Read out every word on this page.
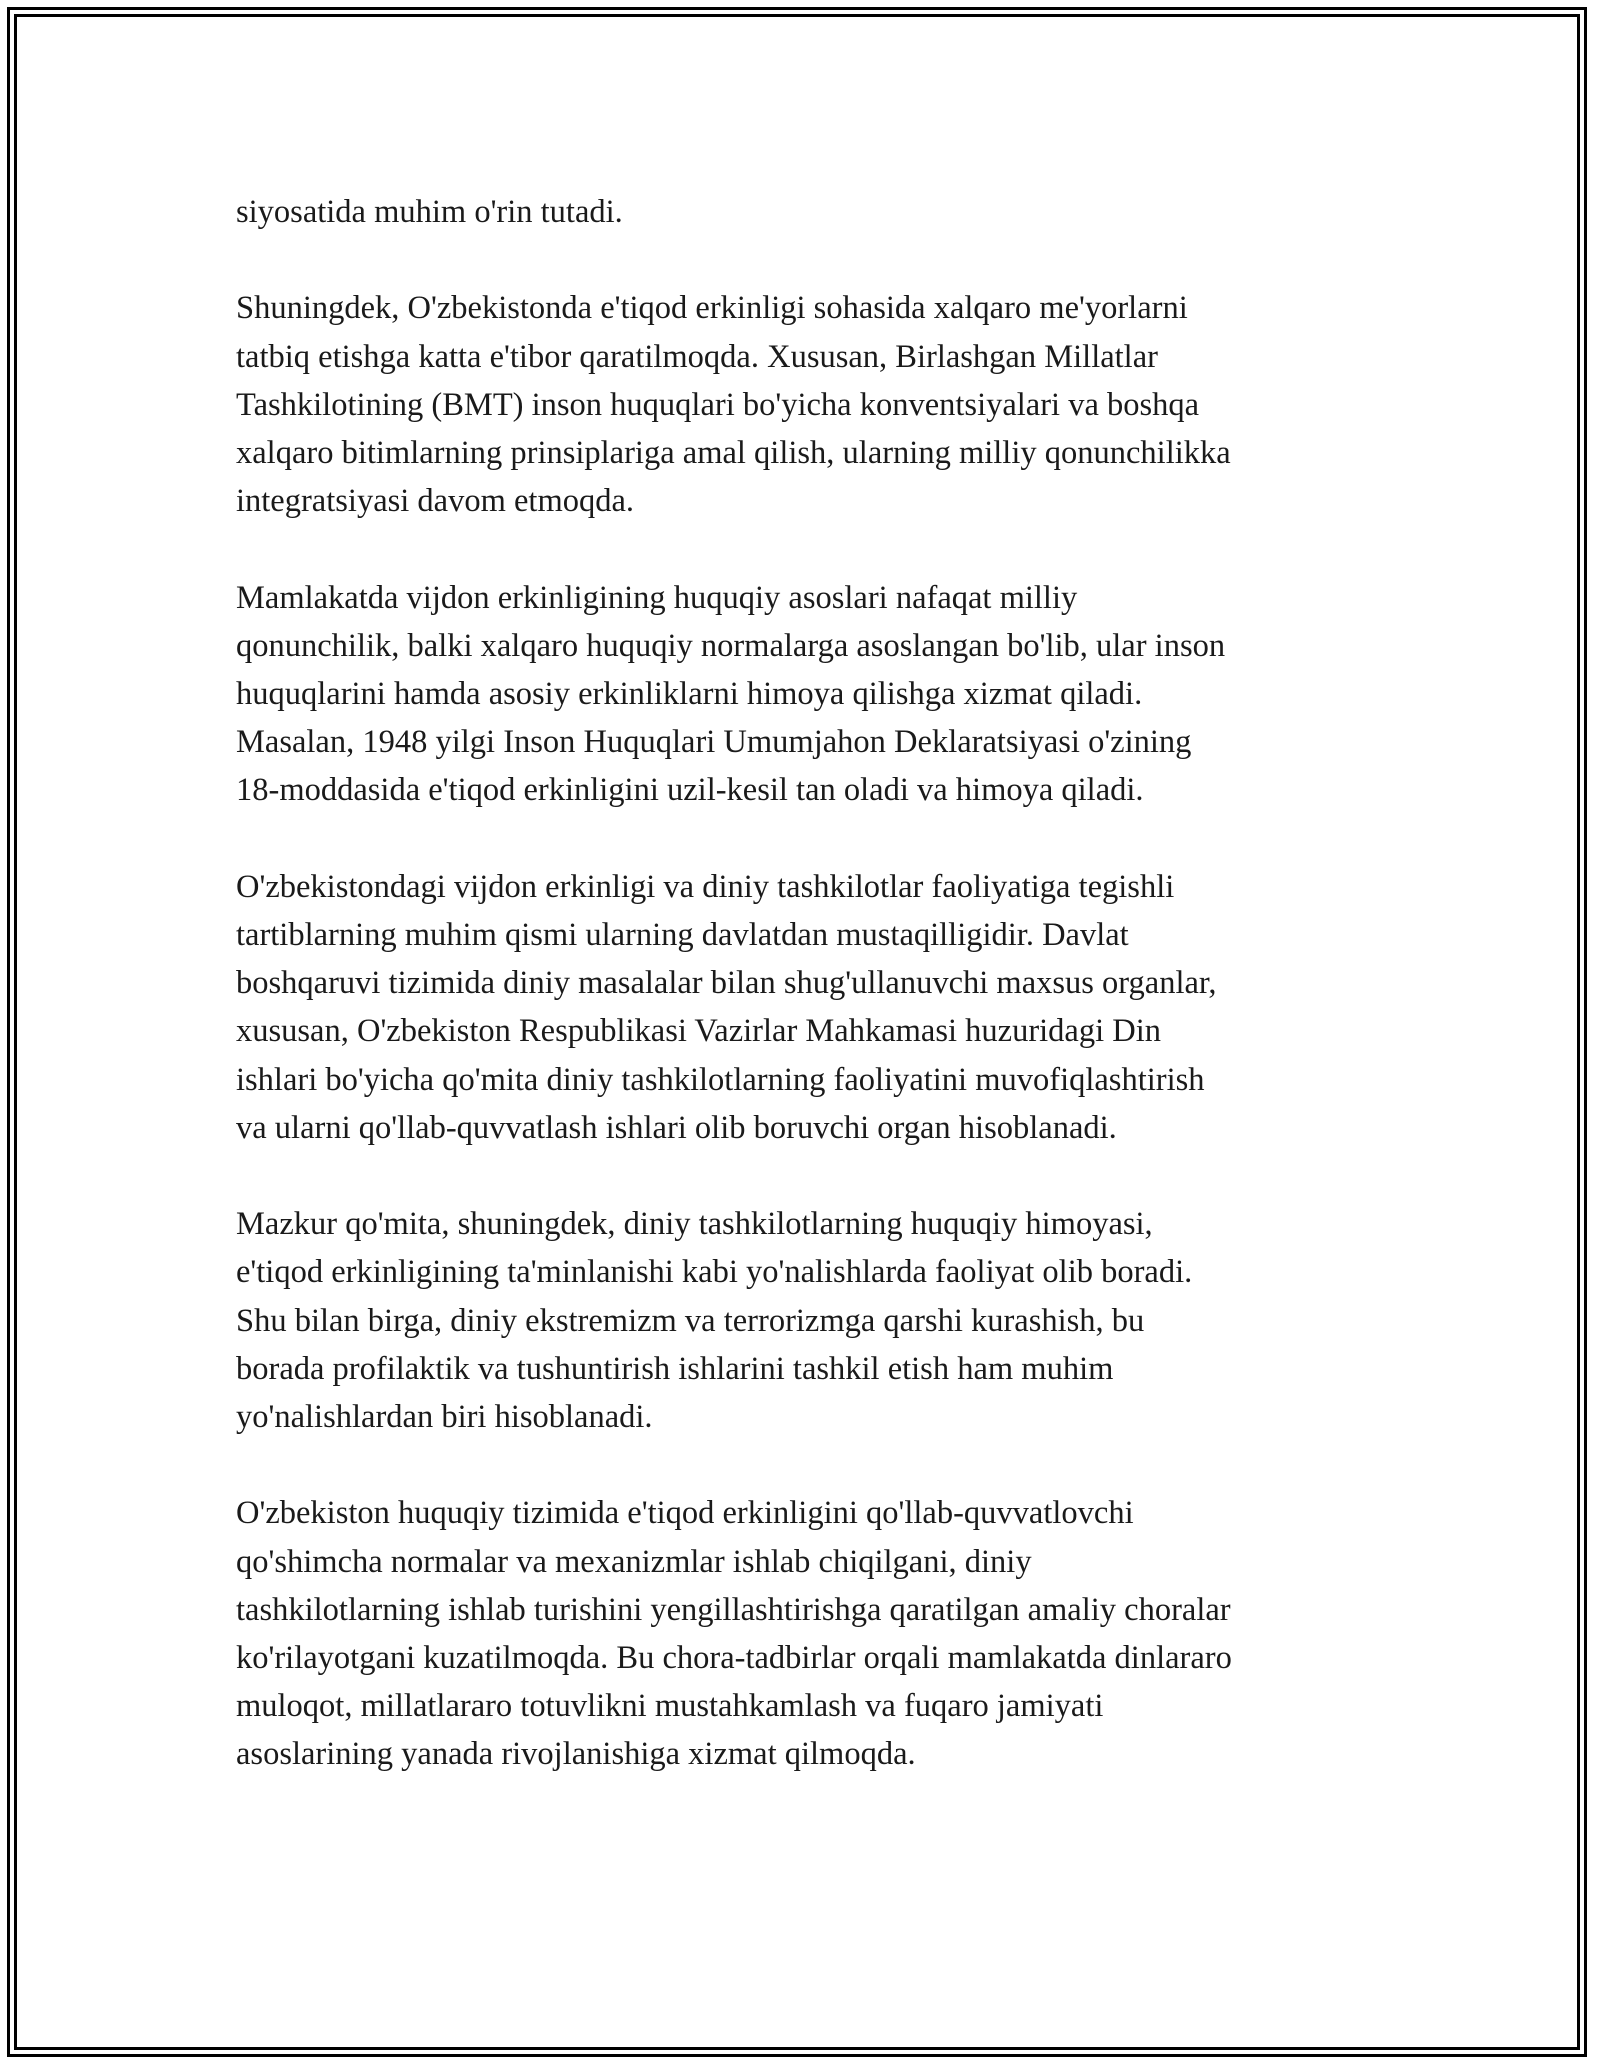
siyosatida muhim o'rin tutadi.

Shuningdek, O'zbekistonda e'tiqod erkinligi sohasida xalqaro me'yorlarni
tatbiq etishga katta e'tibor qaratilmoqda. Xususan, Birlashgan Millatlar
Tashkilotining (BMT) inson huquqlari bo'yicha konventsiyalari va boshqa
xalqaro bitimlarning prinsiplariga amal qilish, ularning milliy qonunchilikka
integratsiyasi davom etmoqda.

Mamlakatda vijdon erkinligining huquqiy asoslari nafaqat milliy
qonunchilik, balki xalqaro huquqiy normalarga asoslangan bo'lib, ular inson
huquqlarini hamda asosiy erkinliklarni himoya qilishga xizmat qiladi.
Masalan, 1948 yilgi Inson Huquqlari Umumjahon Deklaratsiyasi o'zining
18-moddasida e'tiqod erkinligini uzil-kesil tan oladi va himoya qiladi.

O'zbekistondagi vijdon erkinligi va diniy tashkilotlar faoliyatiga tegishli
tartiblarning muhim qismi ularning davlatdan mustaqilligidir. Davlat
boshqaruvi tizimida diniy masalalar bilan shug'ullanuvchi maxsus organlar,
xususan, O'zbekiston Respublikasi Vazirlar Mahkamasi huzuridagi Din
ishlari bo'yicha qo'mita diniy tashkilotlarning faoliyatini muvofiqlashtirish
va ularni qo'llab-quvvatlash ishlari olib boruvchi organ hisoblanadi.

Mazkur qo'mita, shuningdek, diniy tashkilotlarning huquqiy himoyasi,
e'tiqod erkinligining ta'minlanishi kabi yo'nalishlarda faoliyat olib boradi.
Shu bilan birga, diniy ekstremizm va terrorizmga qarshi kurashish, bu
borada profilaktik va tushuntirish ishlarini tashkil etish ham muhim
yo'nalishlardan biri hisoblanadi.

O'zbekiston huquqiy tizimida e'tiqod erkinligini qo'llab-quvvatlovchi
qo'shimcha normalar va mexanizmlar ishlab chiqilgani, diniy
tashkilotlarning ishlab turishini yengillashtirishga qaratilgan amaliy choralar
ko'rilayotgani kuzatilmoqda. Bu chora-tadbirlar orqali mamlakatda dinlararo
muloqot, millatlararo totuvlikni mustahkamlash va fuqaro jamiyati
asoslarining yanada rivojlanishiga xizmat qilmoqda.
